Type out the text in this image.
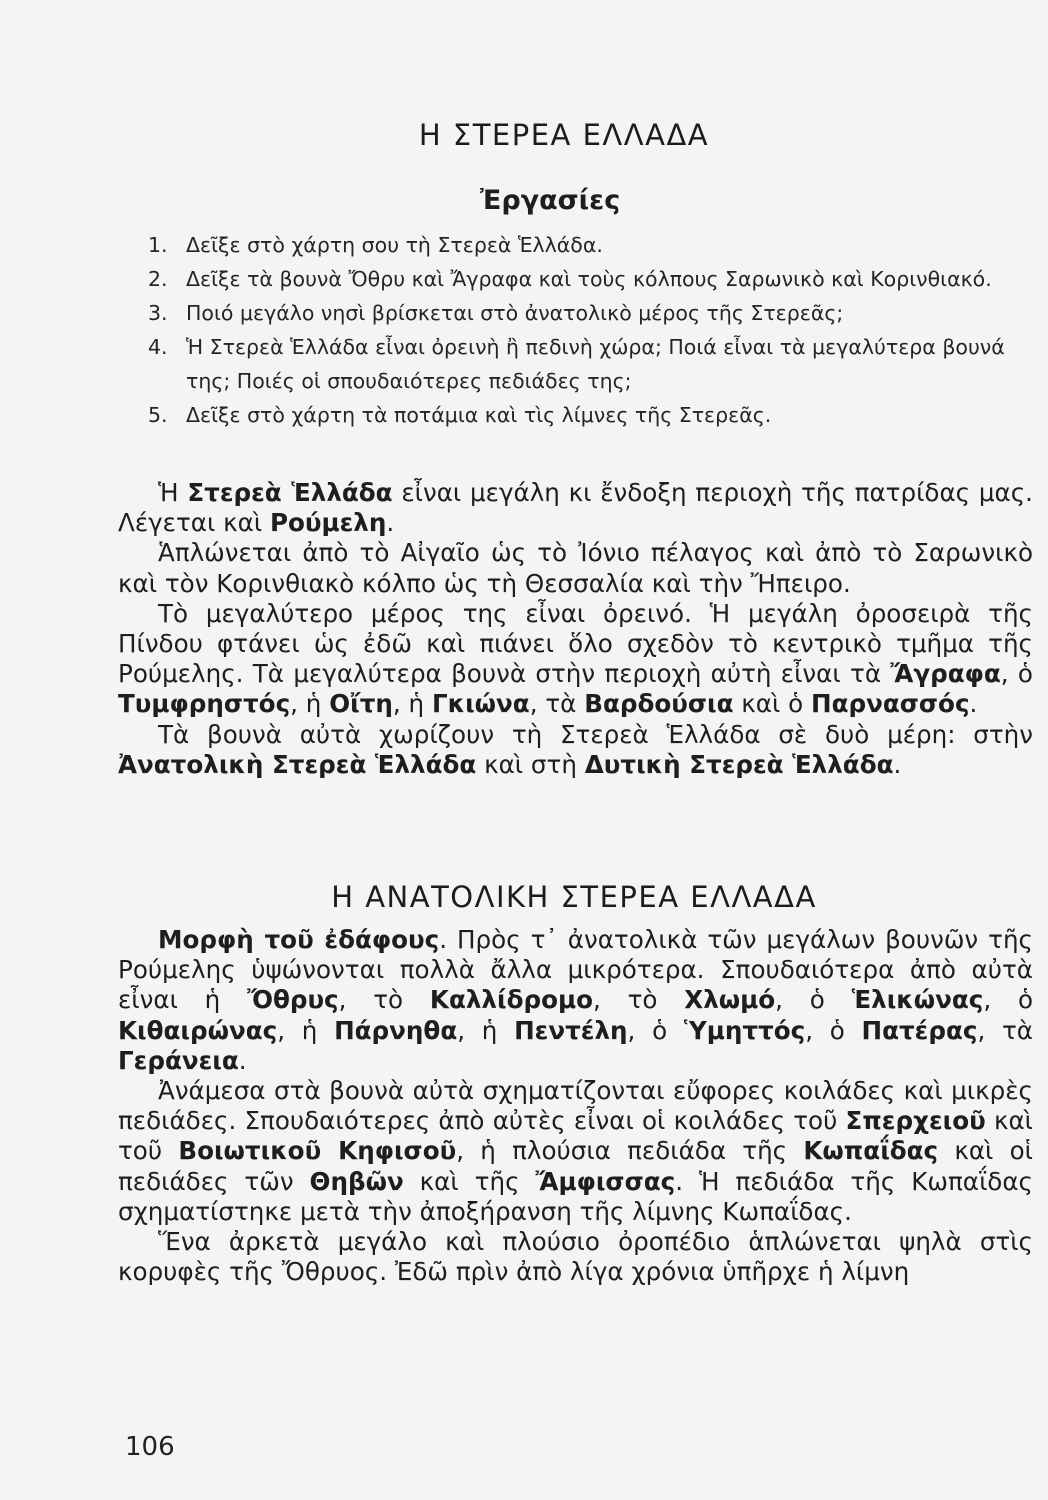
Η ΣΤΕΡΕΑ ΕΛΛΑΔΑ
Ἐργασίες
1. Δεῖξε στὸ χάρτη σου τὴ Στερεὰ Ἑλλάδα.
2. Δεῖξε τὰ βουνὰ Ὄθρυ καὶ Ἄγραφα καὶ τοὺς κόλπους Σαρωνικὸ καὶ Κορινθιακό.
3. Ποιό μεγάλο νησὶ βρίσκεται στὸ ἀνατολικὸ μέρος τῆς Στερεᾶς;
4. Ἡ Στερεὰ Ἑλλάδα εἶναι ὀρεινὴ ἢ πεδινὴ χώρα; Ποιά εἶναι τὰ μεγαλύτερα βουνά της; Ποιές οἱ σπουδαιότερες πεδιάδες της;
5. Δεῖξε στὸ χάρτη τὰ ποτάμια καὶ τὶς λίμνες τῆς Στερεᾶς.

Ἡ Στερεὰ Ἑλλάδα εἶναι μεγάλη κι ἔνδοξη περιοχὴ τῆς πατρίδας μας. Λέγεται καὶ Ρούμελη.

Ἁπλώνεται ἀπὸ τὸ Αἰγαῖο ὡς τὸ Ἰόνιο πέλαγος καὶ ἀπὸ τὸ Σαρωνικὸ καὶ τὸν Κορινθιακὸ κόλπο ὡς τὴ Θεσσαλία καὶ τὴν Ἤπειρο.

Τὸ μεγαλύτερο μέρος της εἶναι ὀρεινό. Ἡ μεγάλη ὀροσειρὰ τῆς Πίνδου φτάνει ὡς ἐδῶ καὶ πιάνει ὅλο σχεδὸν τὸ κεντρικὸ τμῆμα τῆς Ρούμελης. Τὰ μεγαλύτερα βουνὰ στὴν περιοχὴ αὐτὴ εἶναι τὰ Ἄγραφα, ὁ Τυμφρηστός, ἡ Οἴτη, ἡ Γκιώνα, τὰ Βαρδούσια καὶ ὁ Παρνασσός.

Τὰ βουνὰ αὐτὰ χωρίζουν τὴ Στερεὰ Ἑλλάδα σὲ δυὸ μέρη: στὴν Ἀνατολικὴ Στερεὰ Ἑλλάδα καὶ στὴ Δυτικὴ Στερεὰ Ἑλλάδα.

Η ΑΝΑΤΟΛΙΚΗ ΣΤΕΡΕΑ ΕΛΛΑΔΑ

Μορφὴ τοῦ ἐδάφους. Πρὸς τ᾽ ἀνατολικὰ τῶν μεγάλων βουνῶν τῆς Ρούμελης ὑψώνονται πολλὰ ἄλλα μικρότερα. Σπουδαιότερα ἀπὸ αὐτὰ εἶναι ἡ Ὄθρυς, τὸ Καλλίδρομο, τὸ Χλωμό, ὁ Ἑλικώνας, ὁ Κιθαιρώνας, ἡ Πάρνηθα, ἡ Πεντέλη, ὁ Ὑμηττός, ὁ Πατέρας, τὰ Γεράνεια.

Ἀνάμεσα στὰ βουνὰ αὐτὰ σχηματίζονται εὔφορες κοιλάδες καὶ μικρὲς πεδιάδες. Σπουδαιότερες ἀπὸ αὐτὲς εἶναι οἱ κοιλάδες τοῦ Σπερχειοῦ καὶ τοῦ Βοιωτικοῦ Κηφισοῦ, ἡ πλούσια πεδιάδα τῆς Κωπαΐδας καὶ οἱ πεδιάδες τῶν Θηβῶν καὶ τῆς Ἄμφισσας. Ἡ πεδιάδα τῆς Κωπαΐδας σχηματίστηκε μετὰ τὴν ἀποξήρανση τῆς λίμνης Κωπαΐδας.

Ἕνα ἀρκετὰ μεγάλο καὶ πλούσιο ὀροπέδιο ἁπλώνεται ψηλὰ στὶς κορυφὲς τῆς Ὄθρυος. Ἐδῶ πρὶν ἀπὸ λίγα χρόνια ὑπῆρχε ἡ λίμνη

106
